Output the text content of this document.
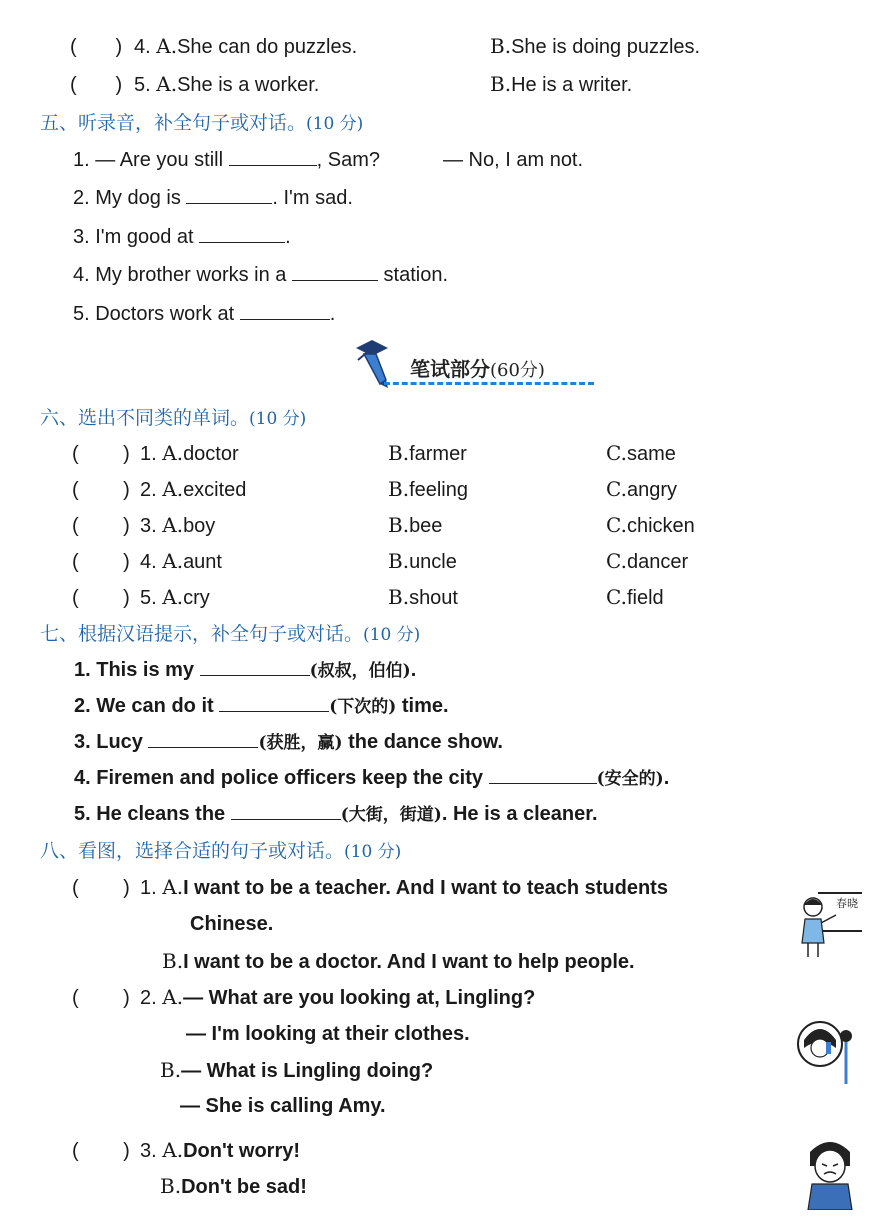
(       ) 4. A.She can do puzzles.	B.She is doing puzzles.
(       ) 5. A.She is a worker.	B.He is a writer.
五、听录音，补全句子或对话。(10 分)
1. — Are you still	, Sam?	— No, I am not.
2. My dog is	. I'm sad.
3. I'm good at	.
4. My brother works in a	station.
5. Doctors work at	.
笔试部分(60分)
六、选出不同类的单词。(10 分)
(        ) 1. A.doctor	B.farmer	C.same
(        ) 2. A.excited	B.feeling	C.angry
(        ) 3. A.boy	B.bee	C.chicken
(        ) 4. A.aunt	B.uncle	C.dancer
(        ) 5. A.cry	B.shout	C.field
七、根据汉语提示，补全句子或对话。(10 分)
1. This is my	(叔叔，伯伯).
2. We can do it	(下次的) time.
3. Lucy	(获胜，赢) the dance show.
4. Firemen and police officers keep the city	(安全的).
5. He cleans the	(大街，街道). He is a cleaner.
八、看图，选择合适的句子或对话。(10 分)
(        ) 1. A.I want to be a teacher. And I want to teach students
Chinese.
B.I want to be a doctor. And I want to help people.
(        ) 2. A.— What are you looking at, Lingling?
— I'm looking at their clothes.
B.— What is Lingling doing?
— She is calling Amy.
(        ) 3. A.Don't worry!
B.Don't be sad!
春晓
